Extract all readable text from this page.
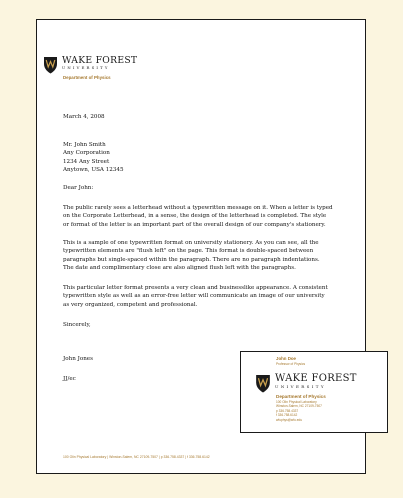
WAKE FOREST
UNIVERSITY
Department of Physics
March 4, 2008

Mr. John Smith

Any Corporation

1234 Any Street

Anytown, USA 12345

Dear John:

The public rarely sees a letterhead without a typewritten message on it. When a letter is typed

on the Corporate Letterhead, in a sense, the design of the letterhead is completed. The style

or format of the letter is an important part of the overall design of our company's stationery.

This is a sample of one typewritten format on university stationery. As you can see, all the

typewritten elements are "flush left" on the page. This format is double-spaced between

paragraphs but single-spaced within the paragraph. There are no paragraph indentations.

The date and complimentary close are also aligned flush left with the paragraphs.

This particular letter format presents a very clean and businesslike appearance. A consistent

typewritten style as well as an error-free letter will communicate an image of our university

as very organized, competent and professional.

Sincerely,
John Jones
JJ/ec
100 Olin Physical Laboratory | Winston-Salem, NC 27109-7507 | p 336.758.4337 | f 336.758.6142
John Doe
Professor of Physics
WAKE FOREST
UNIVERSITY
Department of Physics
100 Olin Physical Laboratory
Winston-Salem, NC 27109-7507
p 336.758.4337
f 336.758.6142
wfuphys@wfu.edu
